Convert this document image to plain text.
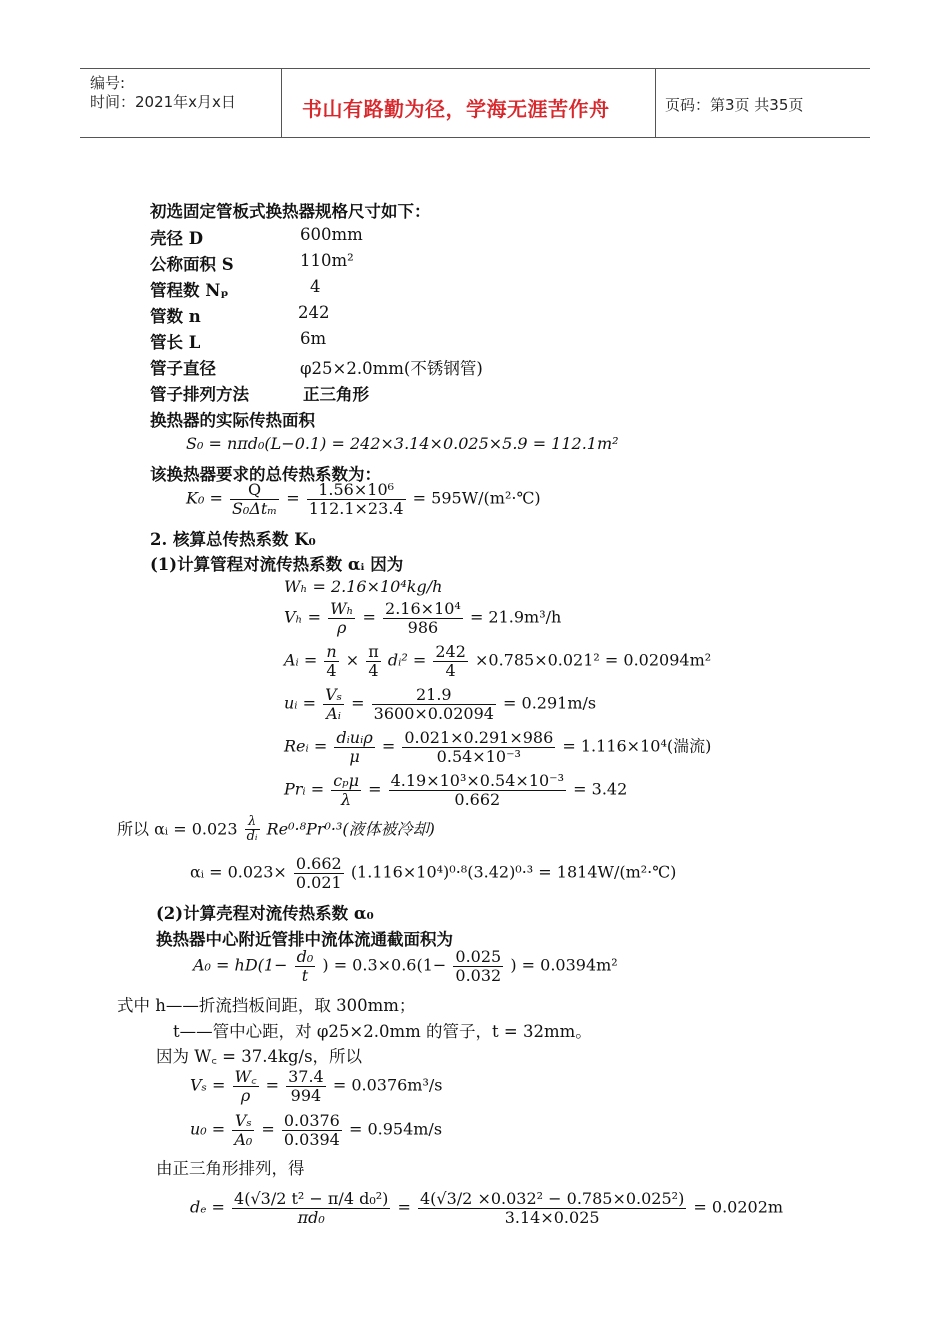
编号:
时间：2021年x月x日	书山有路勤为径，学海无涯苦作舟	页码：第3页 共35页
初选固定管板式换热器规格尺寸如下：
壳径 D	600mm
公称面积 S	110m²
管程数 Nₚ	4
管数 n	242
管长 L	6m
管子直径	φ25×2.0mm(不锈钢管)
管子排列方法	正三角形
换热器的实际传热面积
S₀ = nπd₀(L−0.1) = 242×3.14×0.025×5.9 = 112.1m²
该换热器要求的总传热系数为：
$K_0 = \frac{Q}{\text{S₀Δtₘ}} = \frac{\text{1.56×10⁶}}{112.1\times 23.4}$ = 595W/(m²·℃)
2. 核算总传热系数 K₀
(1)计算管程对流传热系数 αᵢ 因为
Wₕ = 2.16×10⁴kg/h
$V_h = \frac{\text{Wₕ}}{\rho} = \frac{\text{2.16×10⁴}}{986} = 21.9m^3/h$
Aᵢ = $\frac{n}{4} \times \frac{\pi}{4}$ dᵢ² = $\frac{242}{4} \times 0.785\times 0.021^2 = 0.02094m^2$
uᵢ = $\frac{\text{Vₛ}}{\text{Aᵢ}} = \frac{21.9}{3600\times 0.02094} = 0.291m/s$
Reᵢ = $\frac{\text{dᵢuᵢρ}}{\mu} = \frac{0.021\times 0.291\times 986}{\text{0.54×10⁻³}} = 1.116\times 10^4$(湍流)
Prᵢ = $\frac{\text{cₚμ}}{\lambda} = \frac{\text{4.19×10³×0.54×10⁻³}}{0.662} = 3.42$
所以 αᵢ = $0.023 \frac{\lambda}{\text{dᵢ}} Re^0\cdot^8Pr^0\cdot^3$(液体被冷却)
αᵢ = $0.023\times \frac{0.662}{0.021} (1.116\times 10^4)^0\cdot^8(3.42)^0\cdot^3$ = 1814W/(m²·℃)
(2)计算壳程对流传热系数 α₀
换热器中心附近管排中流体流通截面积为
$A_0 = hD(1- \frac{\text{d₀}}{t}$ ) = $0.3\times 0.6(1- \frac{0.025}{0.032}$ ) = 0.0394m²
式中 h——折流挡板间距，取 300mm；
t——管中心距，对 φ25×2.0mm 的管子，t = 32mm。
因为 W꜀ = 37.4kg/s，所以
$V_s = \frac{W꜀}{\rho} = \frac{37.4}{994} = 0.0376m^3/s$
$u_0 = \frac{\text{Vₛ}}{\text{A₀}} = \frac{0.0376}{0.0394} = 0.954m/s$
由正三角形排列，得
$d_e = \frac{\text{4(√3/2 t² − π/4 d₀²)}}{\text{πd₀}} = \frac{\text{4(√3/2 ×0.032² − 0.785×0.025²)}}{3.14\times 0.025} = 0.0202m$
